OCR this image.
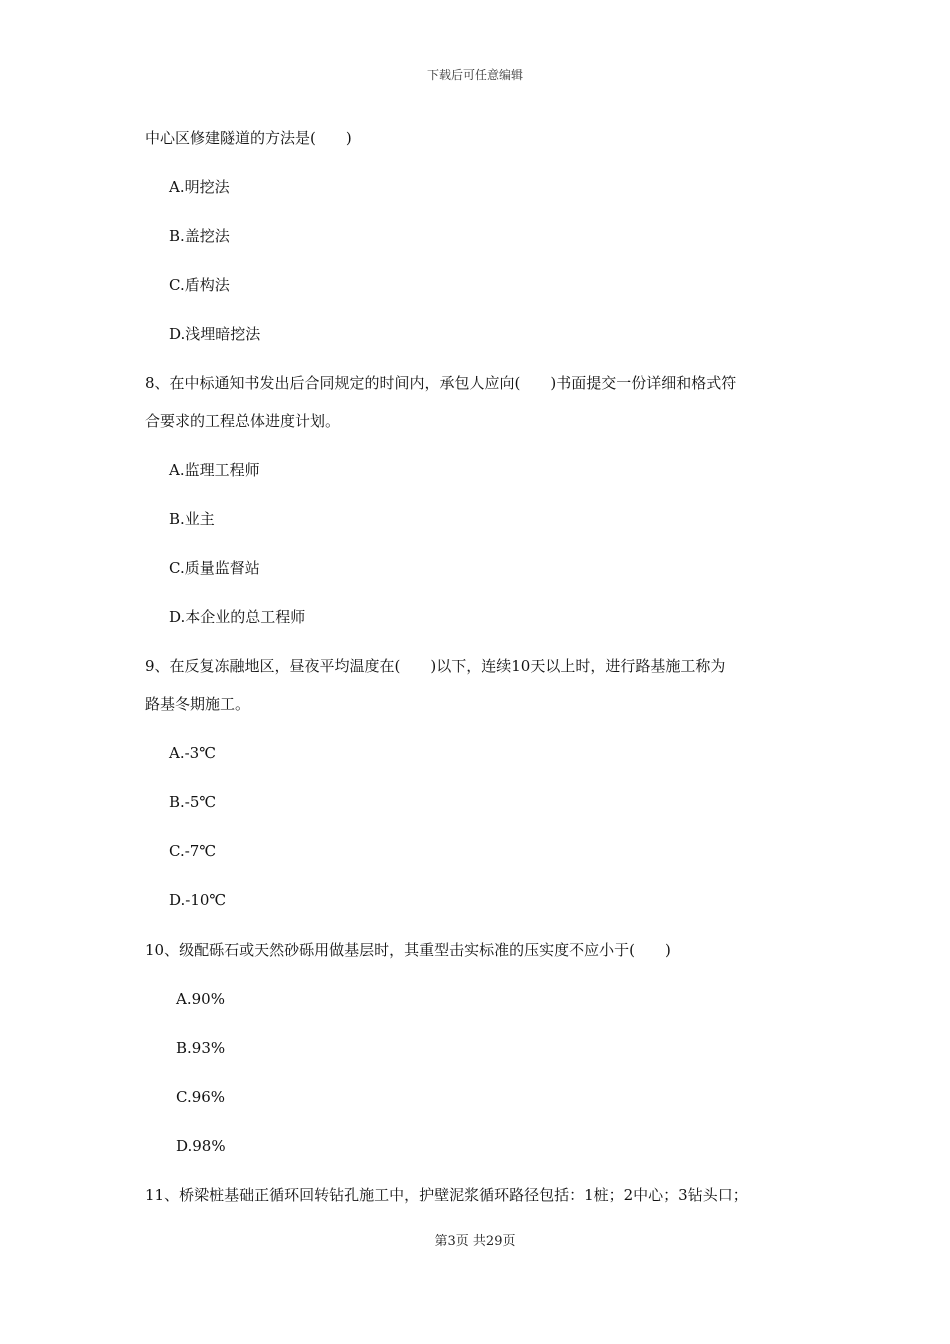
下载后可任意编辑
中心区修建隧道的方法是(　　)
A.明挖法
B.盖挖法
C.盾构法
D.浅埋暗挖法
8、在中标通知书发出后合同规定的时间内，承包人应向(　　)书面提交一份详细和格式符
合要求的工程总体进度计划。
A.监理工程师
B.业主
C.质量监督站
D.本企业的总工程师
9、在反复冻融地区，昼夜平均温度在(　　)以下，连续10天以上时，进行路基施工称为
路基冬期施工。
A.-3℃
B.-5℃
C.-7℃
D.-10℃
10、级配砾石或天然砂砾用做基层时，其重型击实标准的压实度不应小于(　　)
A.90%
B.93%
C.96%
D.98%
11、桥梁桩基础正循环回转钻孔施工中，护壁泥浆循环路径包括：1桩；2中心；3钻头口；
第3页 共29页
